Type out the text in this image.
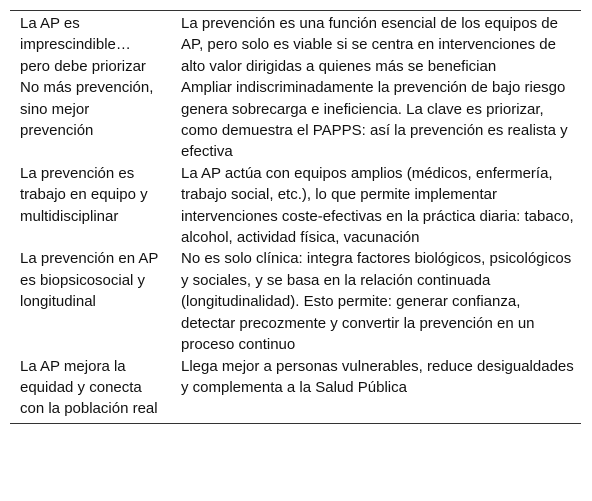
La AP es imprescindible… pero debe priorizar	La prevención es una función esencial de los equipos de AP, pero solo es viable si se centra en intervenciones de alto valor dirigidas a quienes más se benefician
No más prevención, sino mejor prevención	Ampliar indiscriminadamente la prevención de bajo riesgo genera sobrecarga e ineficiencia. La clave es priorizar, como demuestra el PAPPS: así la prevención es realista y efectiva
La prevención es trabajo en equipo y multidisciplinar	La AP actúa con equipos amplios (médicos, enfermería, trabajo social, etc.), lo que permite implementar intervenciones coste-efectivas en la práctica diaria: tabaco, alcohol, actividad física, vacunación
La prevención en AP es biopsicosocial y longitudinal	No es solo clínica: integra factores biológicos, psicológicos y sociales, y se basa en la relación continuada (longitudinalidad). Esto permite: generar confianza, detectar precozmente y convertir la prevención en un proceso continuo
La AP mejora la equidad y conecta con la población real	Llega mejor a personas vulnerables, reduce desigualdades y complementa a la Salud Pública
